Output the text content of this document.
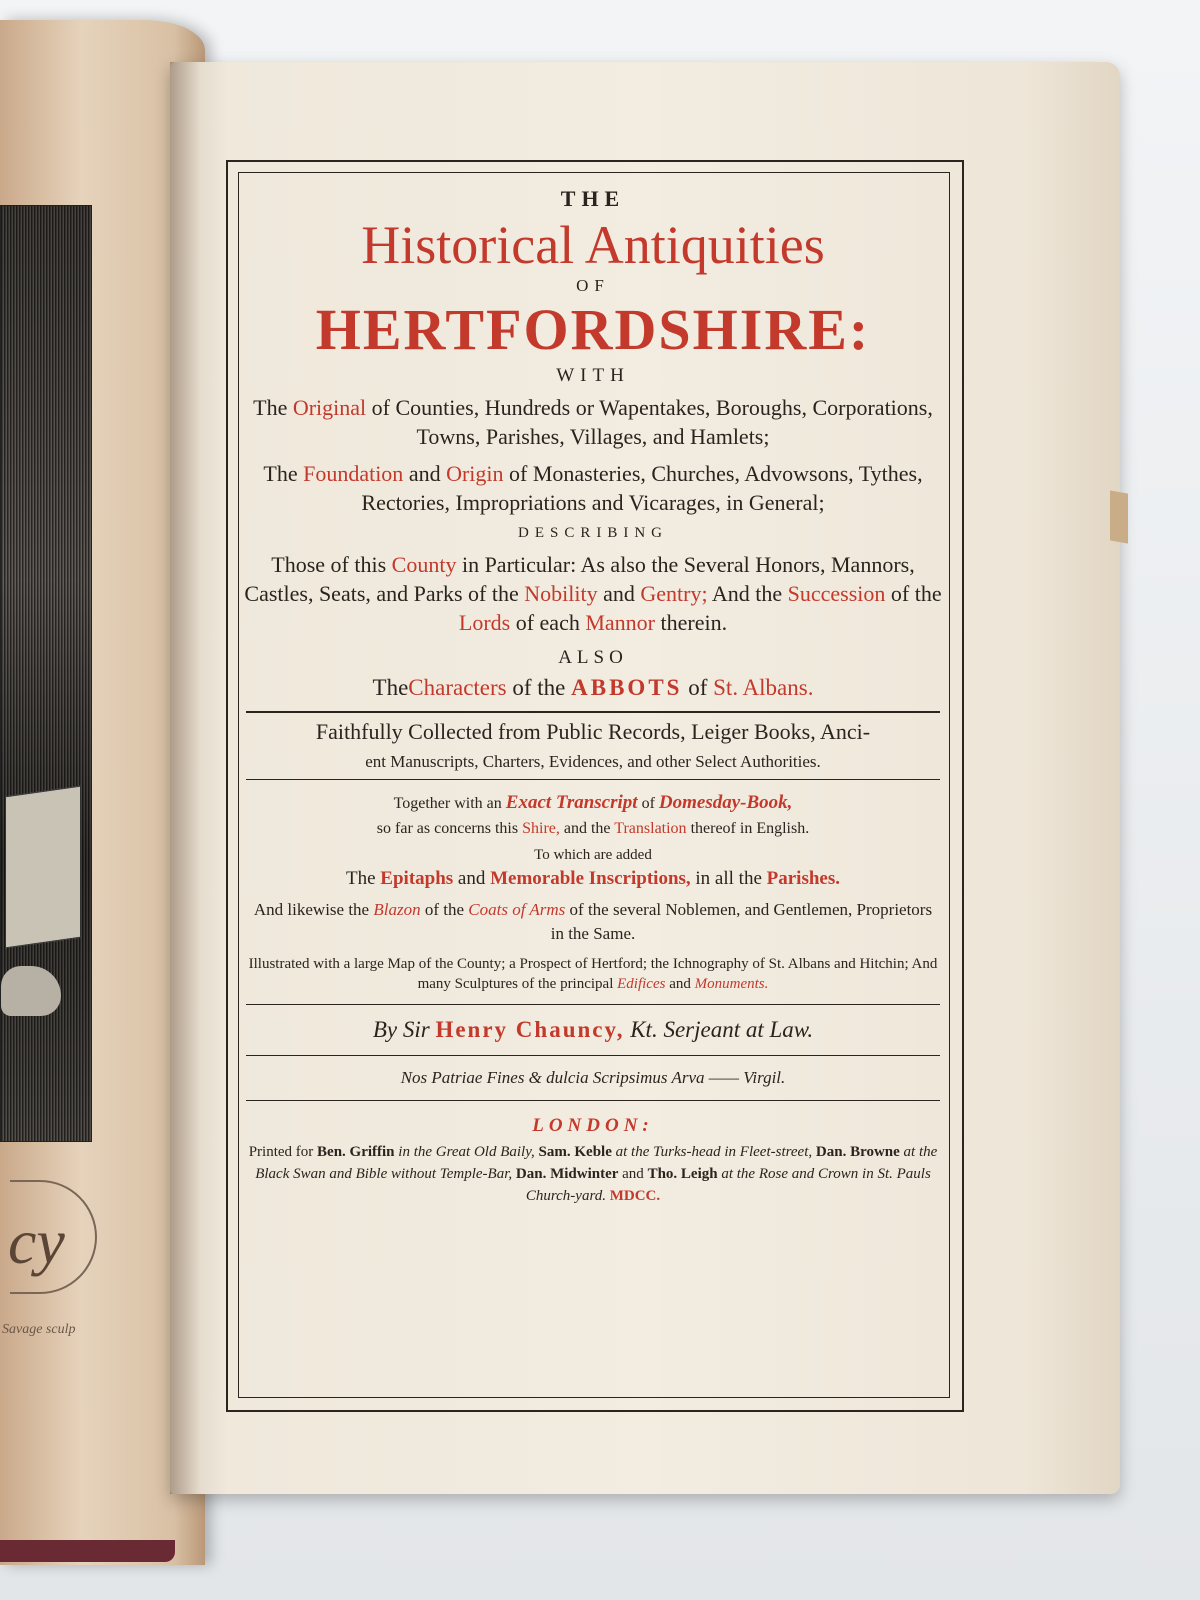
cy
Savage sculp
THE
Historical Antiquities
OF
HERTFORDSHIRE:
WITH

The Original of Counties, Hundreds or Wapentakes, Boroughs, Corporations, Towns, Parishes, Villages, and Hamlets;

The Foundation and Origin of Monasteries, Churches, Advowsons, Tythes, Rectories, Impropriations and Vicarages, in General;

DESCRIBING

Those of this County in Particular: As also the Several Honors, Mannors, Castles, Seats, and Parks of the Nobility and Gentry; And the Succession of the Lords of each Mannor therein.

ALSO
TheCharacters of the ABBOTS of St. Albans.
Faithfully Collected from Public Records, Leiger Books, Anci-
ent Manuscripts, Charters, Evidences, and other Select Authorities.

Together with an Exact Transcript of Domesday-Book,
so far as concerns this Shire, and the Translation thereof in English.

To which are added
The Epitaphs and Memorable Inscriptions, in all the Parishes.

And likewise the Blazon of the Coats of Arms of the several Noblemen, and Gentlemen, Proprietors in the Same.

Illustrated with a large Map of the County; a Prospect of Hertford; the Ichnography of St. Albans and Hitchin; And many Sculptures of the principal Edifices and Monuments.

By Sir Henry Chauncy, Kt. Serjeant at Law.
Nos Patriae Fines & dulcia Scripsimus Arva —— Virgil.
LONDON:

Printed for Ben. Griffin in the Great Old Baily, Sam. Keble at the Turks-head in Fleet-street, Dan. Browne at the Black Swan and Bible without Temple-Bar, Dan. Midwinter and Tho. Leigh at the Rose and Crown in St. Pauls Church-yard. MDCC.
